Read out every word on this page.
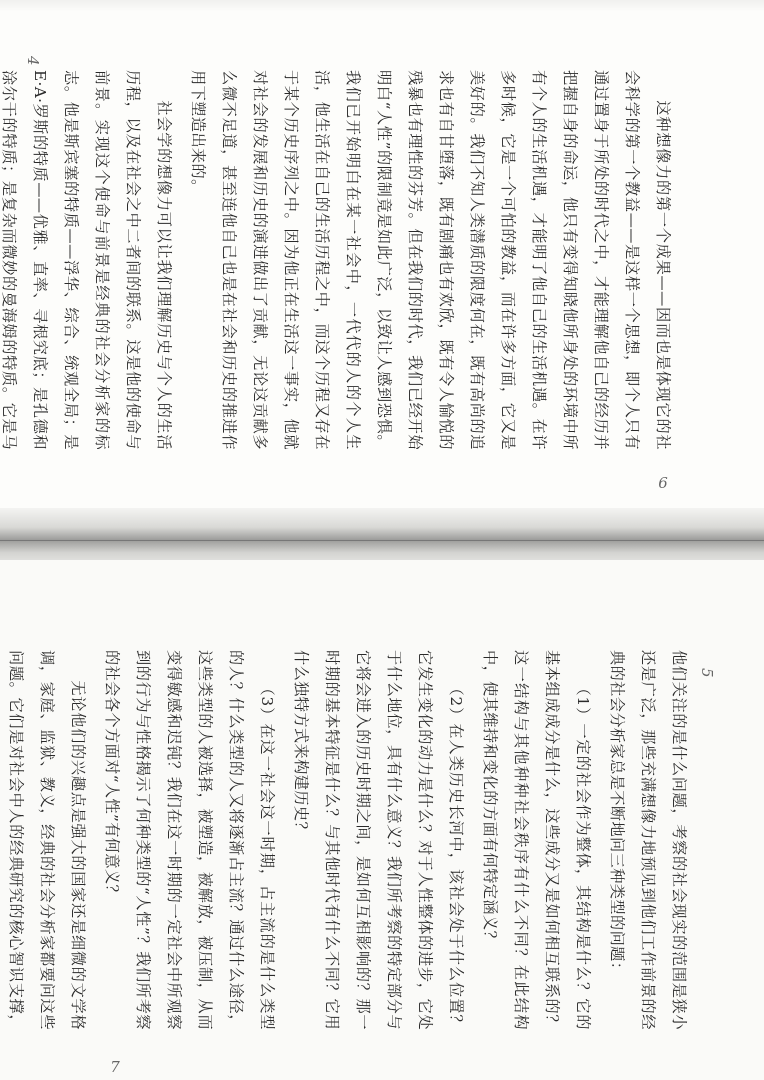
这种想像力的第一个成果——因而也是体现它的社会科学的第一个教益——是这样一个思想，即个人只有通过置身于所处的时代之中，才能理解他自己的经历并把握自身的命运，他只有变得知晓他所身处的环境中所有个人的生活机遇，才能明了他自己的生活机遇。在许多时候，它是一个可怕的教益，而在许多方面，它又是美好的。我们不知人类潜质的限度何在，既有高尚的追求也有自甘堕落，既有剧痛也有欢欣，既有令人愉悦的残暴也有理性的芬芳。但在我们的时代，我们已经开始明白“人性”的限制竟是如此广泛，以致让人感到恐惧。我们已开始明白在某一社会中，一代代的人的个人生活，他生活在自己的生活历程之中，而这个历程又存在于某个历史序列之中。因为他正在生活这一事实，他就对社会的发展和历史的演进做出了贡献，无论这贡献多么微不足道，甚至连他自己也是在社会和历史的推进作用下塑造出来的。

社会学的想像力可以让我们理解历史与个人的生活历程，以及在社会之中二者间的联系。这是他的使命与前景。实现这个使命与前景是经典的社会分析家的标志。他是斯宾塞的特质——浮华、综合、统观全局；是E·A·罗斯的特质——优雅、直率、寻根究底；是孔德和涂尔干的特质；是复杂而微妙的曼海姆的特质。它是马

4
6

他们关注的是什么问题，考察的社会现实的范围是狭小还是广泛，那些充满想像力地预见到他们工作前景的经典的社会分析家总是不断地问三种类型的问题：

（1）一定的社会作为整体，其结构是什么？它的基本组成成分是什么，这些成分又是如何相互联系的？这一结构与其他种种社会秩序有什么不同？在此结构中，使其维持和变化的方面有何特定涵义？

（2）在人类历史长河中，该社会处于什么位置？它发生变化的动力是什么？对于人性整体的进步，它处于什么地位，具有什么意义？我们所考察的特定部分与它将会进入的历史时期之间，是如何互相影响的？那一时期的基本特征是什么？与其他时代有什么不同？它用什么独特方式来构建历史？

（3）在这一社会这一时期，占主流的是什么类型的人？什么类型的人又将逐渐占主流？通过什么途径，这些类型的人被选择，被塑造，被解放，被压制，从而变得敏感和迟钝？我们在这一时期的一定社会中所观察到的行为与性格揭示了何种类型的“人性”？我们所考察的社会各个方面对“人性”有何意义？

无论他们的兴趣点是强大的国家还是细微的文学格调，家庭、监狱、教义，经典的社会分析家都要问这些问题。它们是对社会中人的经典研究的核心智识支撑，

5
7
